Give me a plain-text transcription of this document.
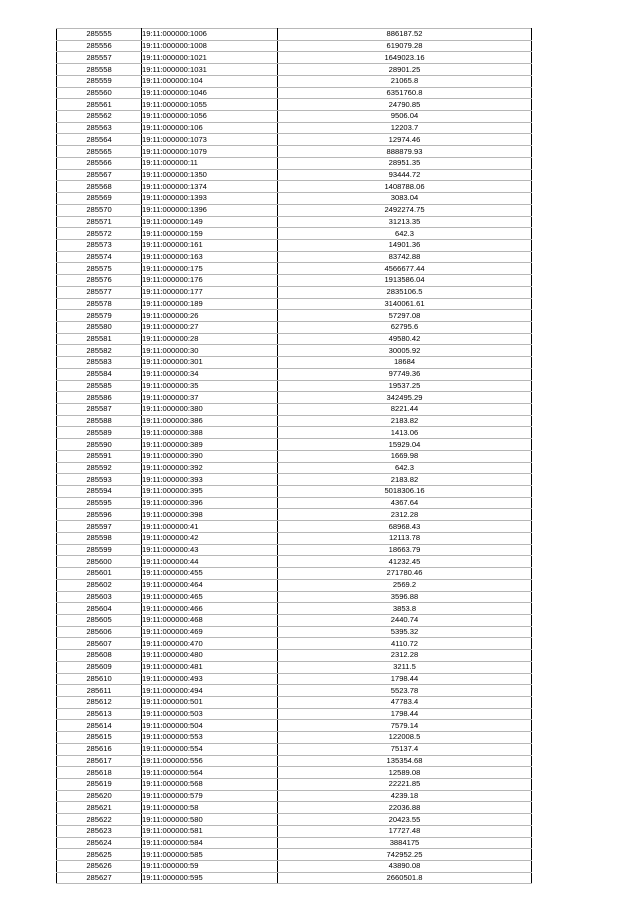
285555	19:11:000000:1006	886187.52
285556	19:11:000000:1008	619079.28
285557	19:11:000000:1021	1649023.16
285558	19:11:000000:1031	28901.25
285559	19:11:000000:104	21065.8
285560	19:11:000000:1046	6351760.8
285561	19:11:000000:1055	24790.85
285562	19:11:000000:1056	9506.04
285563	19:11:000000:106	12203.7
285564	19:11:000000:1073	12974.46
285565	19:11:000000:1079	888879.93
285566	19:11:000000:11	28951.35
285567	19:11:000000:1350	93444.72
285568	19:11:000000:1374	1408788.06
285569	19:11:000000:1393	3083.04
285570	19:11:000000:1396	2492274.75
285571	19:11:000000:149	31213.35
285572	19:11:000000:159	642.3
285573	19:11:000000:161	14901.36
285574	19:11:000000:163	83742.88
285575	19:11:000000:175	4566677.44
285576	19:11:000000:176	1913586.04
285577	19:11:000000:177	2835106.5
285578	19:11:000000:189	3140061.61
285579	19:11:000000:26	57297.08
285580	19:11:000000:27	62795.6
285581	19:11:000000:28	49580.42
285582	19:11:000000:30	30005.92
285583	19:11:000000:301	18684
285584	19:11:000000:34	97749.36
285585	19:11:000000:35	19537.25
285586	19:11:000000:37	342495.29
285587	19:11:000000:380	8221.44
285588	19:11:000000:386	2183.82
285589	19:11:000000:388	1413.06
285590	19:11:000000:389	15929.04
285591	19:11:000000:390	1669.98
285592	19:11:000000:392	642.3
285593	19:11:000000:393	2183.82
285594	19:11:000000:395	5018306.16
285595	19:11:000000:396	4367.64
285596	19:11:000000:398	2312.28
285597	19:11:000000:41	68968.43
285598	19:11:000000:42	12113.78
285599	19:11:000000:43	18663.79
285600	19:11:000000:44	41232.45
285601	19:11:000000:455	271780.46
285602	19:11:000000:464	2569.2
285603	19:11:000000:465	3596.88
285604	19:11:000000:466	3853.8
285605	19:11:000000:468	2440.74
285606	19:11:000000:469	5395.32
285607	19:11:000000:470	4110.72
285608	19:11:000000:480	2312.28
285609	19:11:000000:481	3211.5
285610	19:11:000000:493	1798.44
285611	19:11:000000:494	5523.78
285612	19:11:000000:501	47783.4
285613	19:11:000000:503	1798.44
285614	19:11:000000:504	7579.14
285615	19:11:000000:553	122008.5
285616	19:11:000000:554	75137.4
285617	19:11:000000:556	135354.68
285618	19:11:000000:564	12589.08
285619	19:11:000000:568	22221.85
285620	19:11:000000:579	4239.18
285621	19:11:000000:58	22036.88
285622	19:11:000000:580	20423.55
285623	19:11:000000:581	17727.48
285624	19:11:000000:584	3884175
285625	19:11:000000:585	742952.25
285626	19:11:000000:59	43890.08
285627	19:11:000000:595	2660501.8
